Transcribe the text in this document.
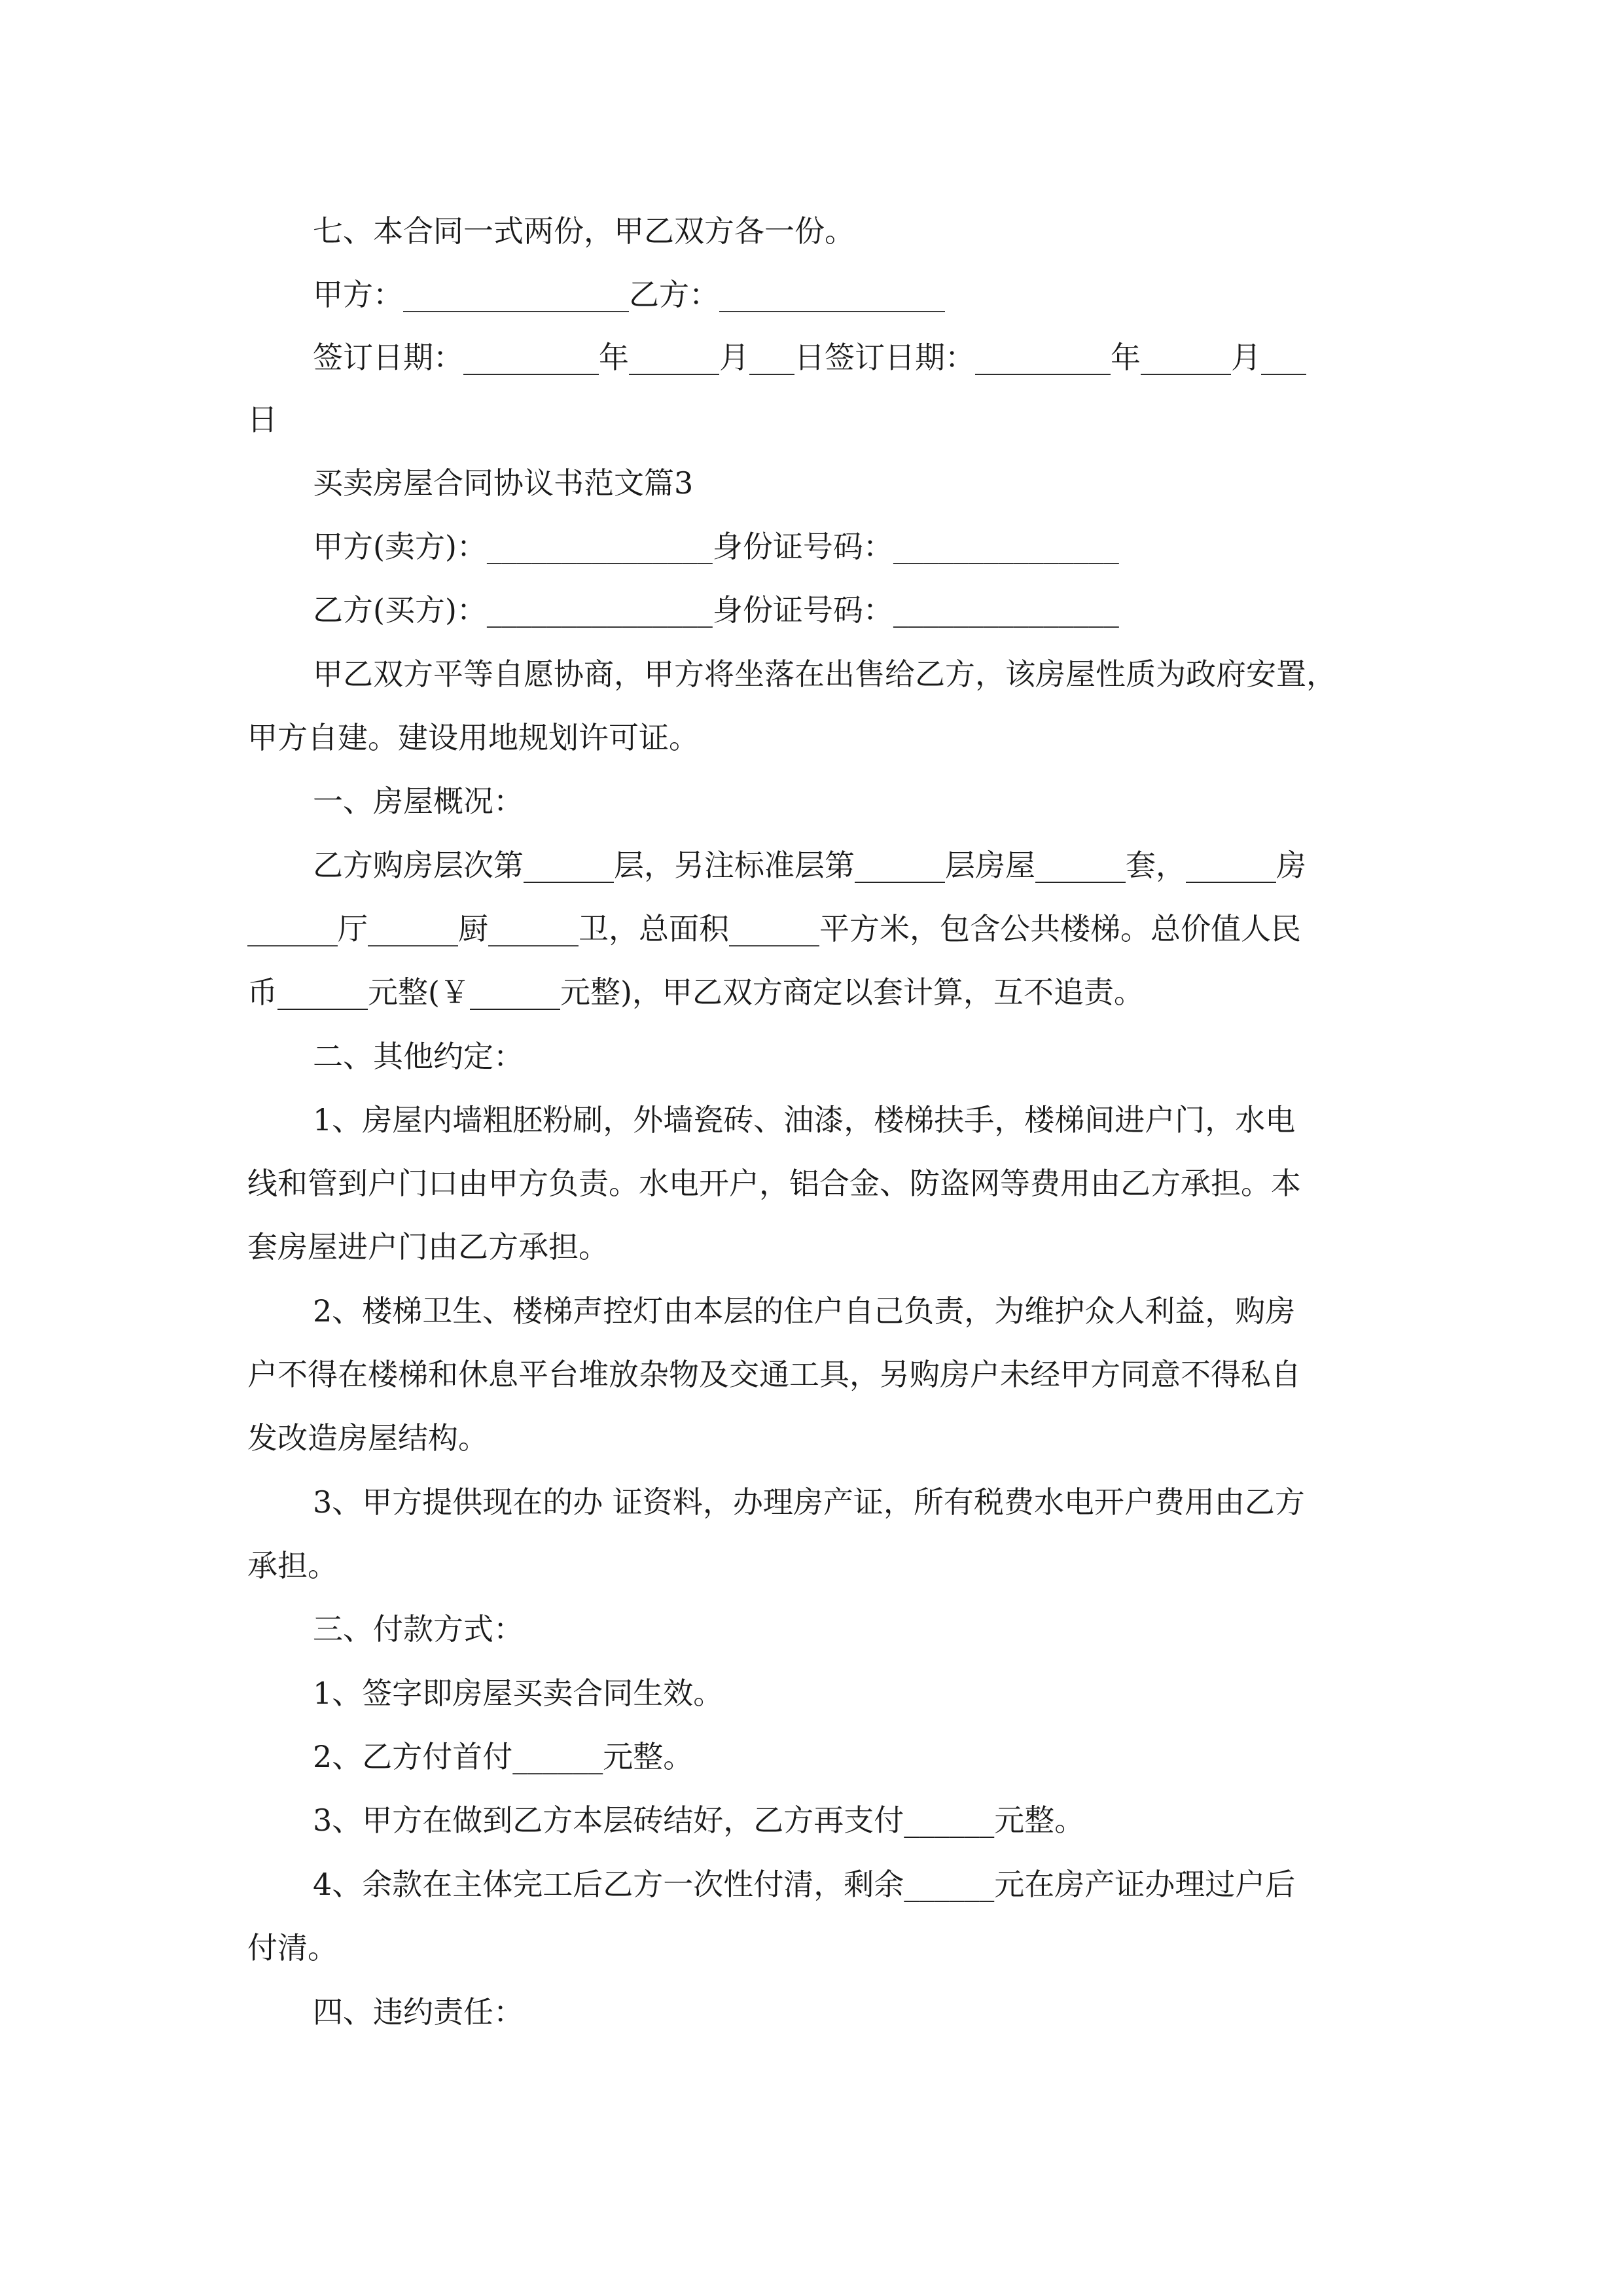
七、本合同一式两份，甲乙双方各一份。
甲方：_______________乙方：_______________
签订日期：_________年______月___日签订日期：_________年______月___
日
买卖房屋合同协议书范文篇3
甲方(卖方)：_______________身份证号码：_______________
乙方(买方)：_______________身份证号码：_______________
甲乙双方平等自愿协商，甲方将坐落在出售给乙方，该房屋性质为政府安置，
甲方自建。建设用地规划许可证。
一、房屋概况：
乙方购房层次第______层，另注标准层第______层房屋______套，______房
______厅______厨______卫，总面积______平方米，包含公共楼梯。总价值人民
币______元整(￥______元整)，甲乙双方商定以套计算，互不追责。
二、其他约定：
1、房屋内墙粗胚粉刷，外墙瓷砖、油漆，楼梯扶手，楼梯间进户门，水电
线和管到户门口由甲方负责。水电开户，铝合金、防盗网等费用由乙方承担。本
套房屋进户门由乙方承担。
2、楼梯卫生、楼梯声控灯由本层的住户自己负责，为维护众人利益，购房
户不得在楼梯和休息平台堆放杂物及交通工具，另购房户未经甲方同意不得私自
发改造房屋结构。
3、甲方提供现在的办 证资料，办理房产证，所有税费水电开户费用由乙方
承担。
三、付款方式：
1、签字即房屋买卖合同生效。
2、乙方付首付______元整。
3、甲方在做到乙方本层砖结好，乙方再支付______元整。
4、余款在主体完工后乙方一次性付清，剩余______元在房产证办理过户后
付清。
四、违约责任：
